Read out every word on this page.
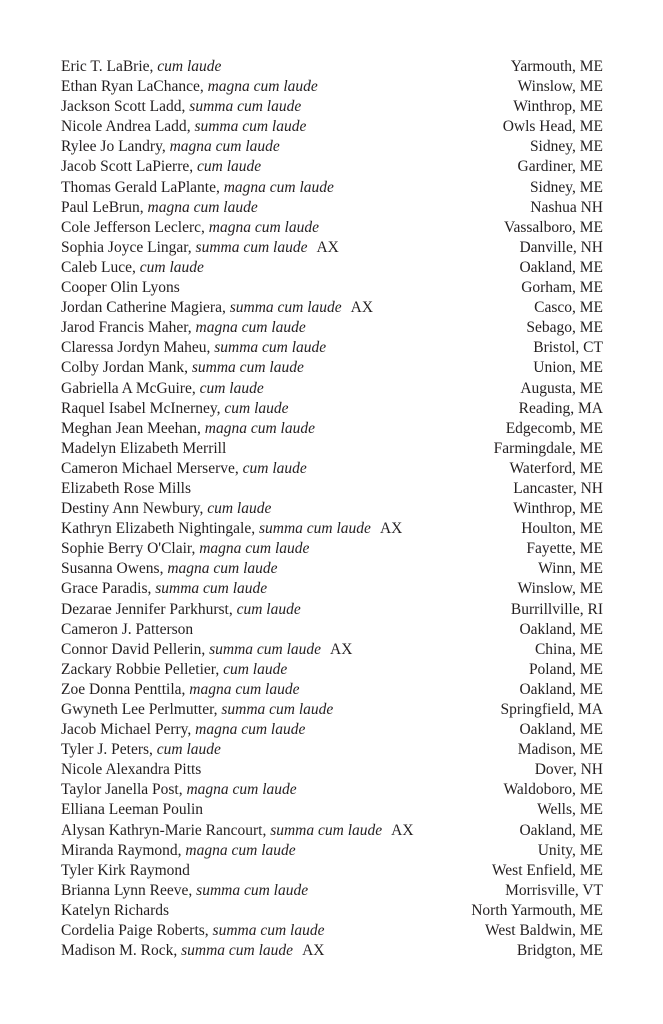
Eric T. LaBrie, cum laude	Yarmouth, ME
Ethan Ryan LaChance, magna cum laude	Winslow, ME
Jackson Scott Ladd, summa cum laude	Winthrop, ME
Nicole Andrea Ladd, summa cum laude	Owls Head, ME
Rylee Jo Landry, magna cum laude	Sidney, ME
Jacob Scott LaPierre, cum laude	Gardiner, ME
Thomas Gerald LaPlante, magna cum laude	Sidney, ME
Paul LeBrun, magna cum laude	Nashua NH
Cole Jefferson Leclerc, magna cum laude	Vassalboro, ME
Sophia Joyce Lingar, summa cum laude AX	Danville, NH
Caleb Luce, cum laude	Oakland, ME
Cooper Olin Lyons	Gorham, ME
Jordan Catherine Magiera, summa cum laude AX	Casco, ME
Jarod Francis Maher, magna cum laude	Sebago, ME
Claressa Jordyn Maheu, summa cum laude	Bristol, CT
Colby Jordan Mank, summa cum laude	Union, ME
Gabriella A McGuire, cum laude	Augusta, ME
Raquel Isabel McInerney, cum laude	Reading, MA
Meghan Jean Meehan, magna cum laude	Edgecomb, ME
Madelyn Elizabeth Merrill	Farmingdale, ME
Cameron Michael Merserve, cum laude	Waterford, ME
Elizabeth Rose Mills	Lancaster, NH
Destiny Ann Newbury, cum laude	Winthrop, ME
Kathryn Elizabeth Nightingale, summa cum laude AX	Houlton, ME
Sophie Berry O'Clair, magna cum laude	Fayette, ME
Susanna Owens, magna cum laude	Winn, ME
Grace Paradis, summa cum laude	Winslow, ME
Dezarae Jennifer Parkhurst, cum laude	Burrillville, RI
Cameron J. Patterson	Oakland, ME
Connor David Pellerin, summa cum laude AX	China, ME
Zackary Robbie Pelletier, cum laude	Poland, ME
Zoe Donna Penttila, magna cum laude	Oakland, ME
Gwyneth Lee Perlmutter, summa cum laude	Springfield, MA
Jacob Michael Perry, magna cum laude	Oakland, ME
Tyler J. Peters, cum laude	Madison, ME
Nicole Alexandra Pitts	Dover, NH
Taylor Janella Post, magna cum laude	Waldoboro, ME
Elliana Leeman Poulin	Wells, ME
Alysan Kathryn-Marie Rancourt, summa cum laude AX	Oakland, ME
Miranda Raymond, magna cum laude	Unity, ME
Tyler Kirk Raymond	West Enfield, ME
Brianna Lynn Reeve, summa cum laude	Morrisville, VT
Katelyn Richards	North Yarmouth, ME
Cordelia Paige Roberts, summa cum laude	West Baldwin, ME
Madison M. Rock, summa cum laude AX	Bridgton, ME
